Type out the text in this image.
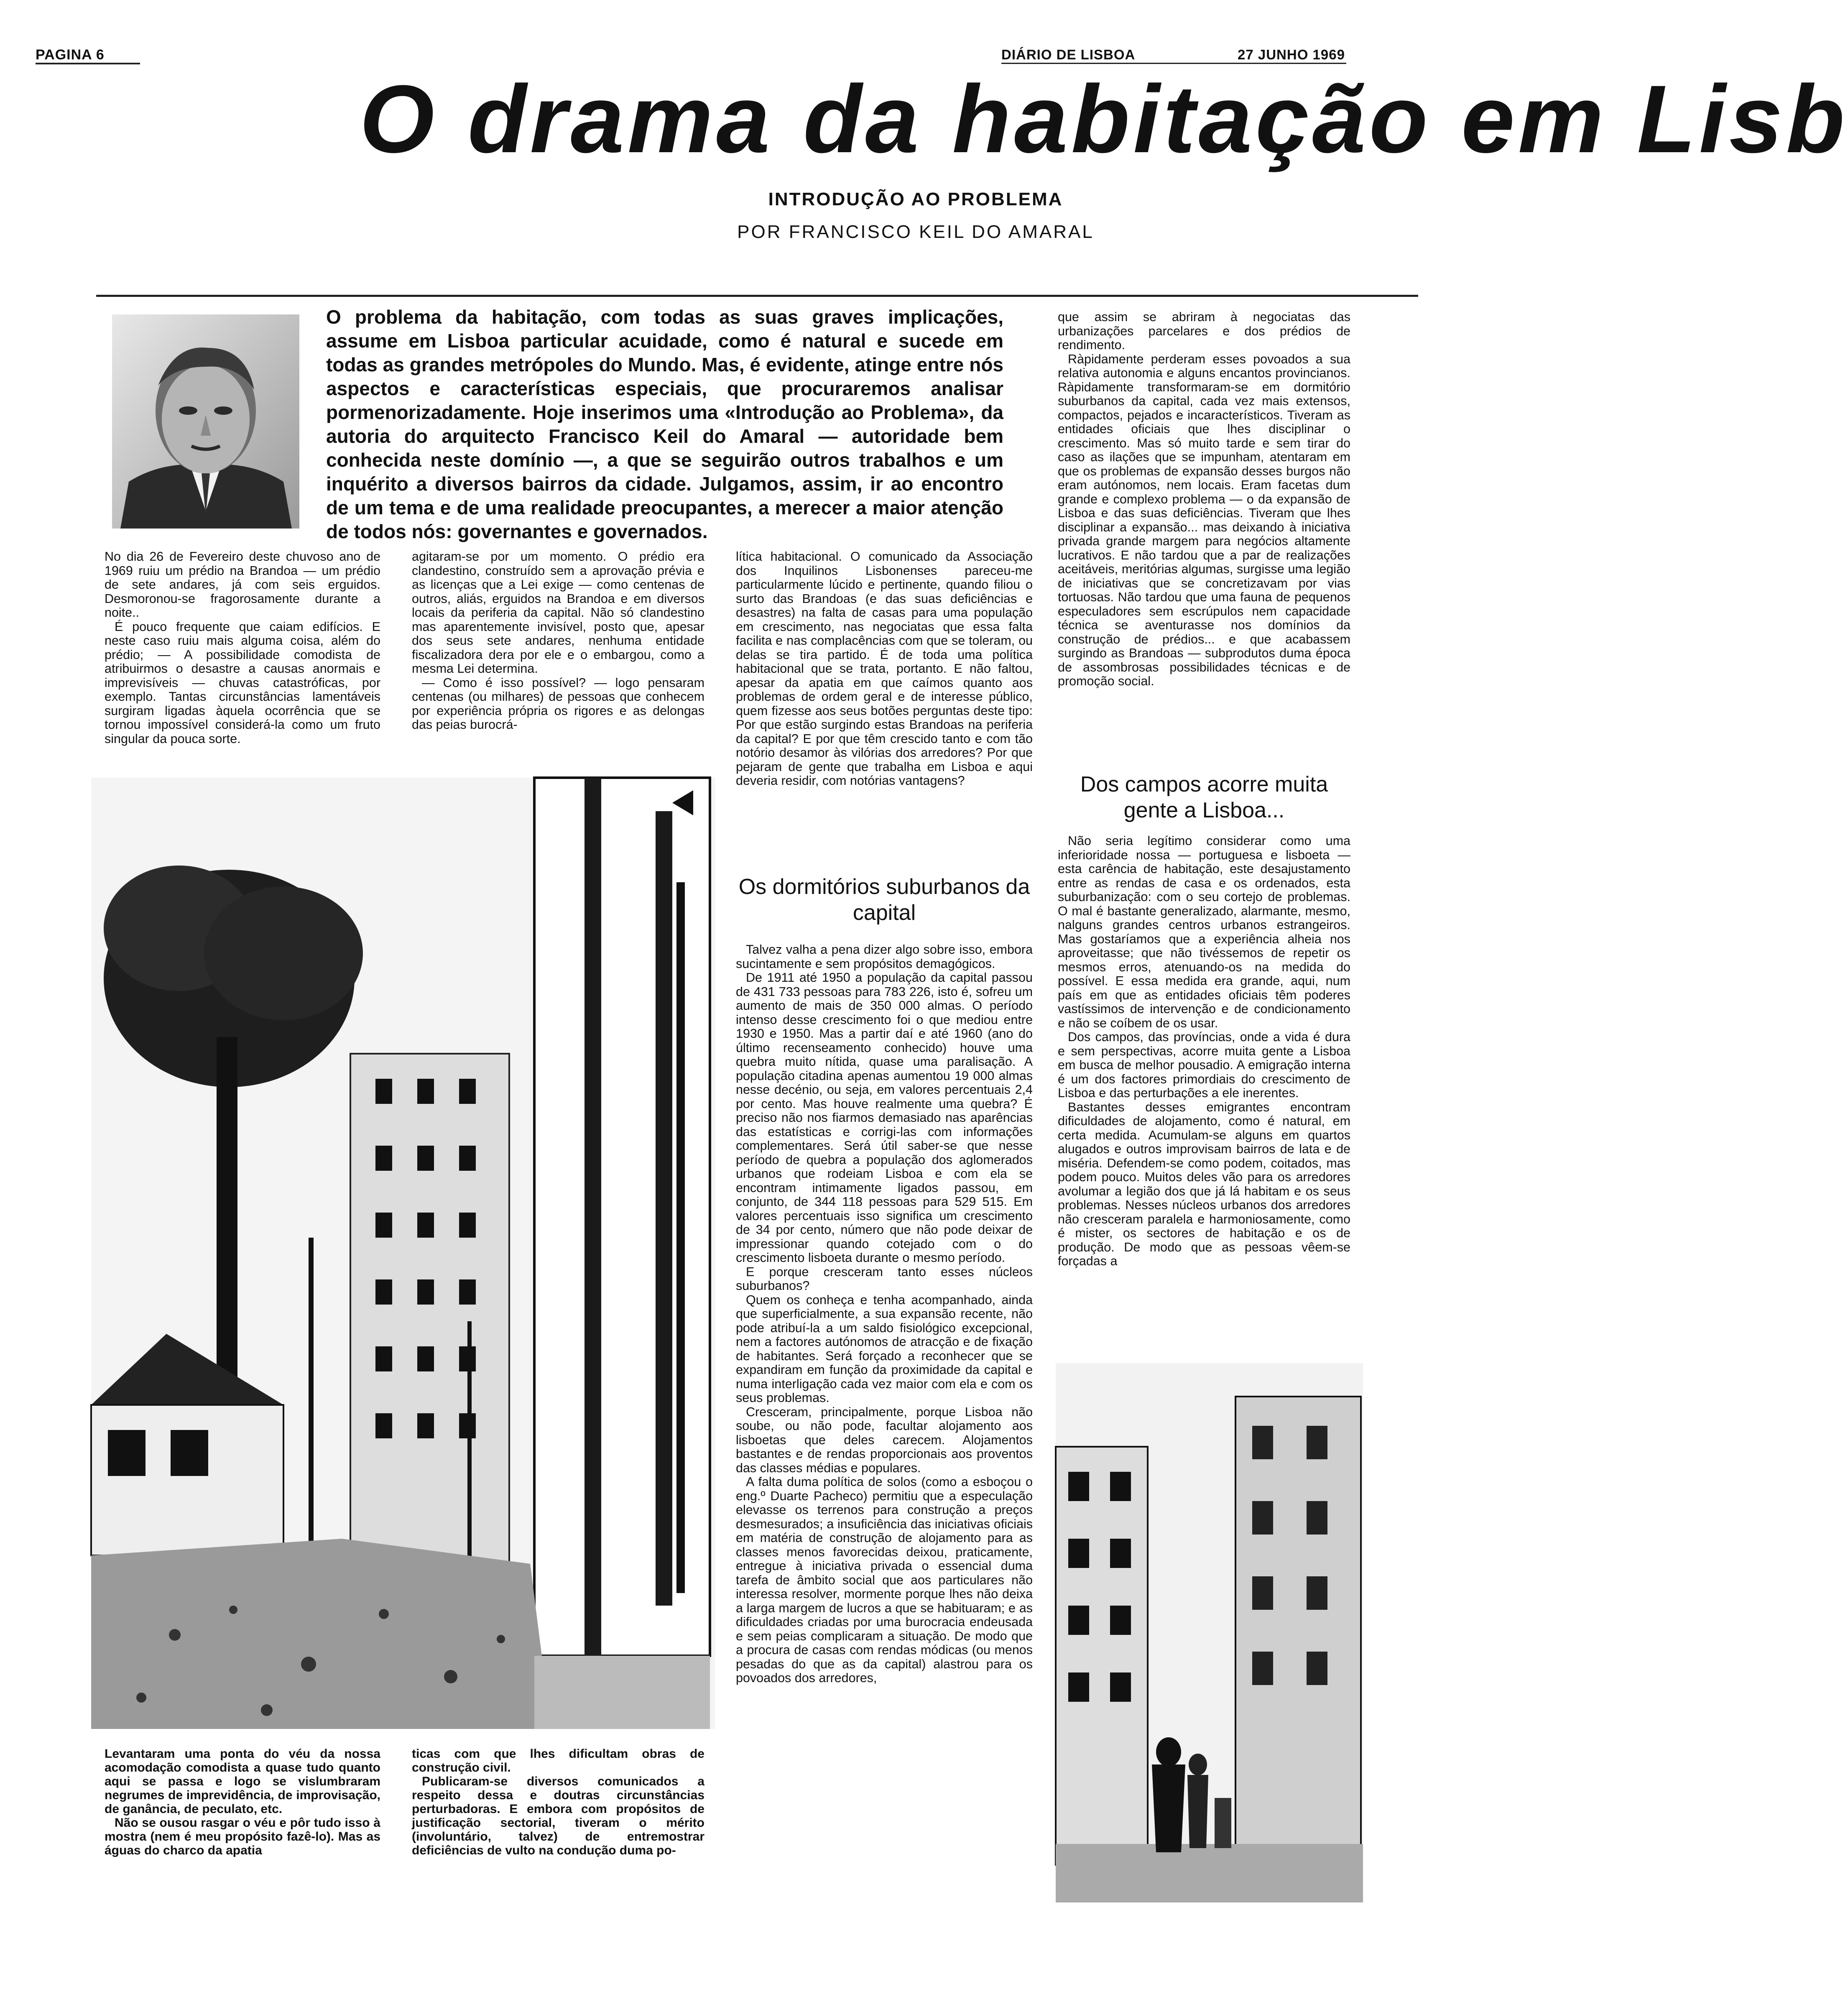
PAGINA 6	DIÁRIO DE LISBOA	27 JUNHO 1969
O drama da habitação em Lisb
INTRODUÇÃO AO PROBLEMA
POR FRANCISCO KEIL DO AMARAL
O problema da habitação, com todas as suas graves implicações, assume em Lisboa particular acuidade, como é natural e sucede em todas as grandes metrópoles do Mundo. Mas, é evidente, atinge entre nós aspectos e características especiais, que procuraremos analisar pormenorizadamente. Hoje inserimos uma «Introdução ao Problema», da autoria do arquitecto Francisco Keil do Amaral — autoridade bem conhecida neste domínio —, a que se seguirão outros trabalhos e um inquérito a diversos bairros da cidade. Julgamos, assim, ir ao encontro de um tema e de uma realidade preocupantes, a merecer a maior atenção de todos nós: governantes e governados.

No dia 26 de Fevereiro deste chuvoso ano de 1969 ruiu um prédio na Brandoa — um prédio de sete andares, já com seis erguidos. Desmoronou-se fragorosamente durante a noite..

É pouco frequente que caiam edifícios. E neste caso ruiu mais alguma coisa, além do prédio; — A possibilidade comodista de atribuirmos o desastre a causas anormais e imprevisíveis — chuvas catastróficas, por exemplo. Tantas circunstâncias lamentáveis surgiram ligadas àquela ocorrência que se tornou impossível considerá-la como um fruto singular da pouca sorte.

agitaram-se por um momento. O prédio era clandestino, construído sem a aprovação prévia e as licenças que a Lei exige — como centenas de outros, aliás, erguidos na Brandoa e em diversos locais da periferia da capital. Não só clandestino mas aparentemente invisível, posto que, apesar dos seus sete andares, nenhuma entidade fiscalizadora dera por ele e o embargou, como a mesma Lei determina.

— Como é isso possível? — logo pensaram centenas (ou milhares) de pessoas que conhecem por experiência própria os rigores e as delongas das peias burocrá-

Levantaram uma ponta do véu da nossa acomodação comodista a quase tudo quanto aqui se passa e logo se vislumbraram negrumes de imprevidência, de improvisação, de ganância, de peculato, etc.

Não se ousou rasgar o véu e pôr tudo isso à mostra (nem é meu propósito fazê-lo). Mas as águas do charco da apatia

ticas com que lhes dificultam obras de construção civil.

Publicaram-se diversos comunicados a respeito dessa e doutras circunstâncias perturbadoras. E embora com propósitos de justificação sectorial, tiveram o mérito (involuntário, talvez) de entremostrar deficiências de vulto na condução duma po-

lítica habitacional. O comunicado da Associação dos Inquilinos Lisbonenses pareceu-me particularmente lúcido e pertinente, quando filiou o surto das Brandoas (e das suas deficiências e desastres) na falta de casas para uma população em crescimento, nas negociatas que essa falta facilita e nas complacências com que se toleram, ou delas se tira partido. É de toda uma política habitacional que se trata, portanto. E não faltou, apesar da apatia em que caímos quanto aos problemas de ordem geral e de interesse público, quem fizesse aos seus botões perguntas deste tipo: Por que estão surgindo estas Brandoas na periferia da capital? E por que têm crescido tanto e com tão notório desamor às vilórias dos arredores? Por que pejaram de gente que trabalha em Lisboa e aqui deveria residir, com notórias vantagens?

Os dormitórios suburbanos da capital

Talvez valha a pena dizer algo sobre isso, embora sucintamente e sem propósitos demagógicos.

De 1911 até 1950 a população da capital passou de 431 733 pessoas para 783 226, isto é, sofreu um aumento de mais de 350 000 almas. O período intenso desse crescimento foi o que mediou entre 1930 e 1950. Mas a partir daí e até 1960 (ano do último recenseamento conhecido) houve uma quebra muito nítida, quase uma paralisação. A população citadina apenas aumentou 19 000 almas nesse decénio, ou seja, em valores percentuais 2,4 por cento. Mas houve realmente uma quebra? É preciso não nos fiarmos demasiado nas aparências das estatísticas e corrigi-las com informações complementares. Será útil saber-se que nesse período de quebra a população dos aglomerados urbanos que rodeiam Lisboa e com ela se encontram intimamente ligados passou, em conjunto, de 344 118 pessoas para 529 515. Em valores percentuais isso significa um crescimento de 34 por cento, número que não pode deixar de impressionar quando cotejado com o do crescimento lisboeta durante o mesmo período.

E porque cresceram tanto esses núcleos suburbanos?

Quem os conheça e tenha acompanhado, ainda que superficialmente, a sua expansão recente, não pode atribuí-la a um saldo fisiológico excepcional, nem a factores autónomos de atracção e de fixação de habitantes. Será forçado a reconhecer que se expandiram em função da proximidade da capital e numa interligação cada vez maior com ela e com os seus problemas.

Cresceram, principalmente, porque Lisboa não soube, ou não pode, facultar alojamento aos lisboetas que deles carecem. Alojamentos bastantes e de rendas proporcionais aos proventos das classes médias e populares.

A falta duma política de solos (como a esboçou o eng.º Duarte Pacheco) permitiu que a especulação elevasse os terrenos para construção a preços desmesurados; a insuficiência das iniciativas oficiais em matéria de construção de alojamento para as classes menos favorecidas deixou, praticamente, entregue à iniciativa privada o essencial duma tarefa de âmbito social que aos particulares não interessa resolver, mormente porque lhes não deixa a larga margem de lucros a que se habituaram; e as dificuldades criadas por uma burocracia endeusada e sem peias complicaram a situação. De modo que a procura de casas com rendas módicas (ou menos pesadas do que as da capital) alastrou para os povoados dos arredores,

que assim se abriram à negociatas das urbanizações parcelares e dos prédios de rendimento.

Ràpidamente perderam esses povoados a sua relativa autonomia e alguns encantos provincianos. Ràpidamente transformaram-se em dormitório suburbanos da capital, cada vez mais extensos, compactos, pejados e incaracterísticos. Tiveram as entidades oficiais que lhes disciplinar o crescimento. Mas só muito tarde e sem tirar do caso as ilações que se impunham, atentaram em que os problemas de expansão desses burgos não eram autónomos, nem locais. Eram facetas dum grande e complexo problema — o da expansão de Lisboa e das suas deficiências. Tiveram que lhes disciplinar a expansão... mas deixando à iniciativa privada grande margem para negócios altamente lucrativos. E não tardou que a par de realizações aceitáveis, meritórias algumas, surgisse uma legião de iniciativas que se concretizavam por vias tortuosas. Não tardou que uma fauna de pequenos especuladores sem escrúpulos nem capacidade técnica se aventurasse nos domínios da construção de prédios... e que acabassem surgindo as Brandoas — subprodutos duma época de assombrosas possibilidades técnicas e de promoção social.

Dos campos acorre muita gente a Lisboa...

Não seria legítimo considerar como uma inferioridade nossa — portuguesa e lisboeta — esta carência de habitação, este desajustamento entre as rendas de casa e os ordenados, esta suburbanização: com o seu cortejo de problemas. O mal é bastante generalizado, alarmante, mesmo, nalguns grandes centros urbanos estrangeiros. Mas gostaríamos que a experiência alheia nos aproveitasse; que não tivéssemos de repetir os mesmos erros, atenuando-os na medida do possível. E essa medida era grande, aqui, num país em que as entidades oficiais têm poderes vastíssimos de intervenção e de condicionamento e não se coíbem de os usar.

Dos campos, das províncias, onde a vida é dura e sem perspectivas, acorre muita gente a Lisboa em busca de melhor pousadio. A emigração interna é um dos factores primordiais do crescimento de Lisboa e das perturbações a ele inerentes.

Bastantes desses emigrantes encontram dificuldades de alojamento, como é natural, em certa medida. Acumulam-se alguns em quartos alugados e outros improvisam bairros de lata e de miséria. Defendem-se como podem, coitados, mas podem pouco. Muitos deles vão para os arredores avolumar a legião dos que já lá habitam e os seus problemas. Nesses núcleos urbanos dos arredores não cresceram paralela e harmoniosamente, como é mister, os sectores de habitação e os de produção. De modo que as pessoas vêem-se forçadas a
